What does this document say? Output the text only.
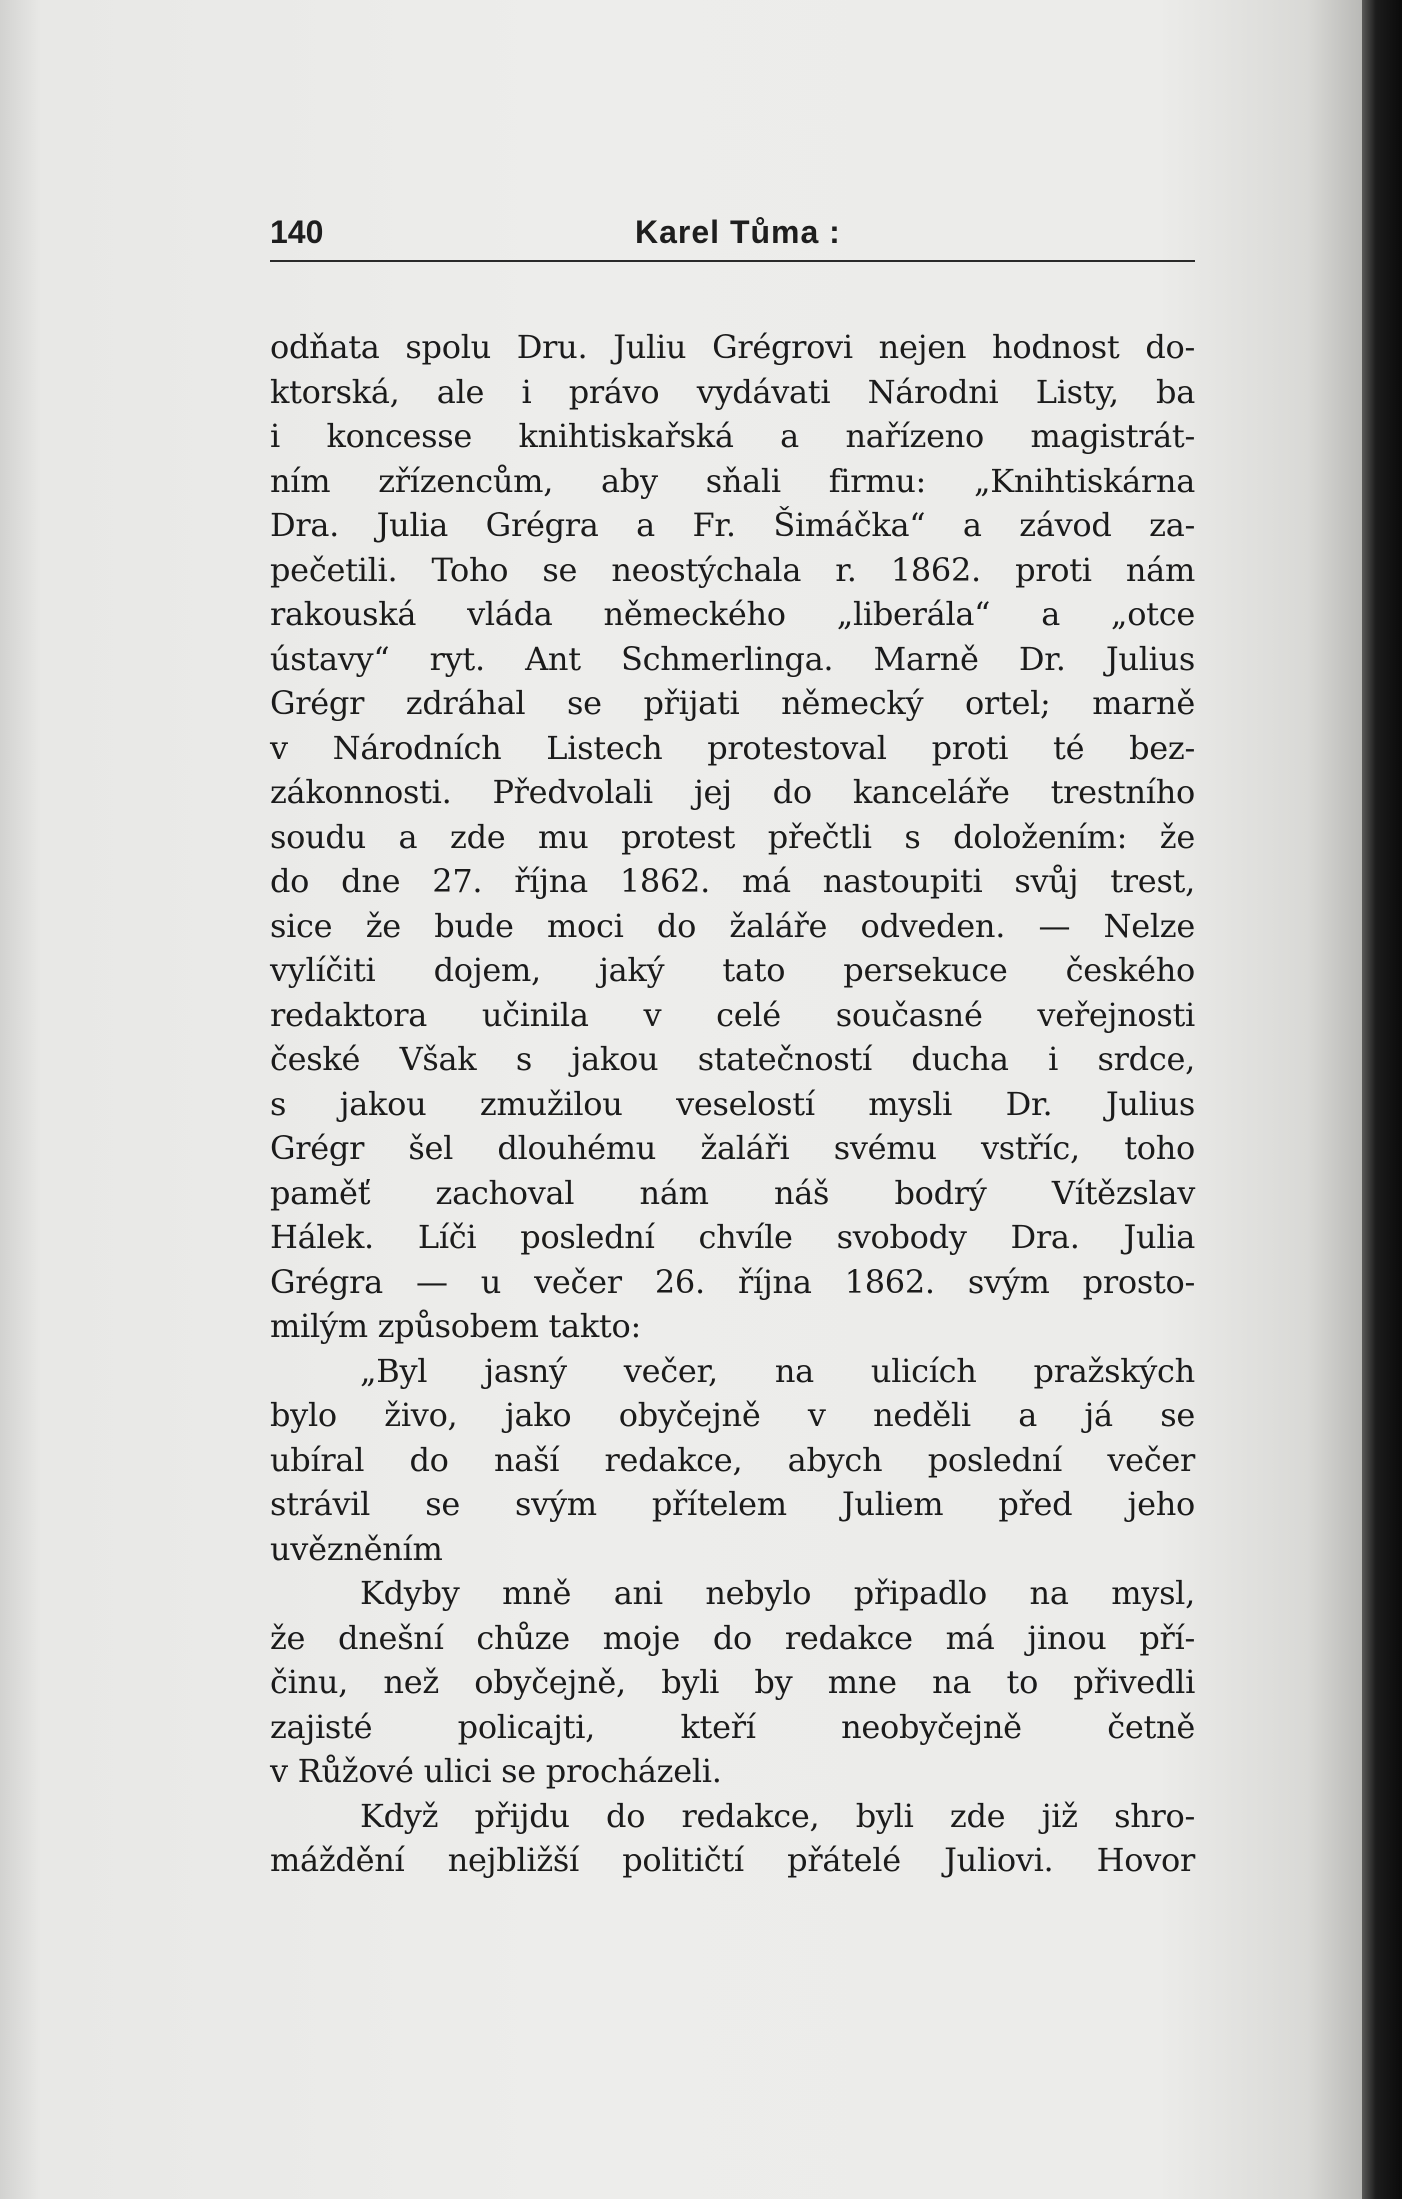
140	Karel Tůma :
odňata spolu Dru. Juliu Grégrovi nejen hodnost do-
ktorská, ale i právo vydávati Národni Listy, ba
i koncesse knihtiskařská a nařízeno magistrát-
ním zřízencům, aby sňali firmu: „Knihtiskárna
Dra. Julia Grégra a Fr. Šimáčka“ a závod za-
pečetili. Toho se neostýchala r. 1862. proti nám
rakouská vláda německého „liberála“ a „otce
ústavy“ ryt. Ant Schmerlinga. Marně Dr. Julius
Grégr zdráhal se přijati německý ortel; marně
v Národních Listech protestoval proti té bez-
zákonnosti. Předvolali jej do kanceláře trestního
soudu a zde mu protest přečtli s doložením: že
do dne 27. října 1862. má nastoupiti svůj trest,
sice že bude moci do žaláře odveden. — Nelze
vylíčiti dojem, jaký tato persekuce českého
redaktora učinila v celé současné veřejnosti
české Však s jakou statečností ducha i srdce,
s jakou zmužilou veselostí mysli Dr. Julius
Grégr šel dlouhému žaláři svému vstříc, toho
paměť zachoval nám náš bodrý Vítězslav
Hálek. Líči poslední chvíle svobody Dra. Julia
Grégra — u večer 26. října 1862. svým prosto-
milým způsobem takto:
„Byl jasný večer, na ulicích pražských
bylo živo, jako obyčejně v neděli a já se
ubíral do naší redakce, abych poslední večer
strávil se svým přítelem Juliem před jeho
uvězněním
Kdyby mně ani nebylo připadlo na mysl,
že dnešní chůze moje do redakce má jinou pří-
činu, než obyčejně, byli by mne na to přivedli
zajisté policajti, kteří neobyčejně četně
v Růžové ulici se procházeli.
Když přijdu do redakce, byli zde již shro-
máždění nejbližší političtí přátelé Juliovi. Hovor
